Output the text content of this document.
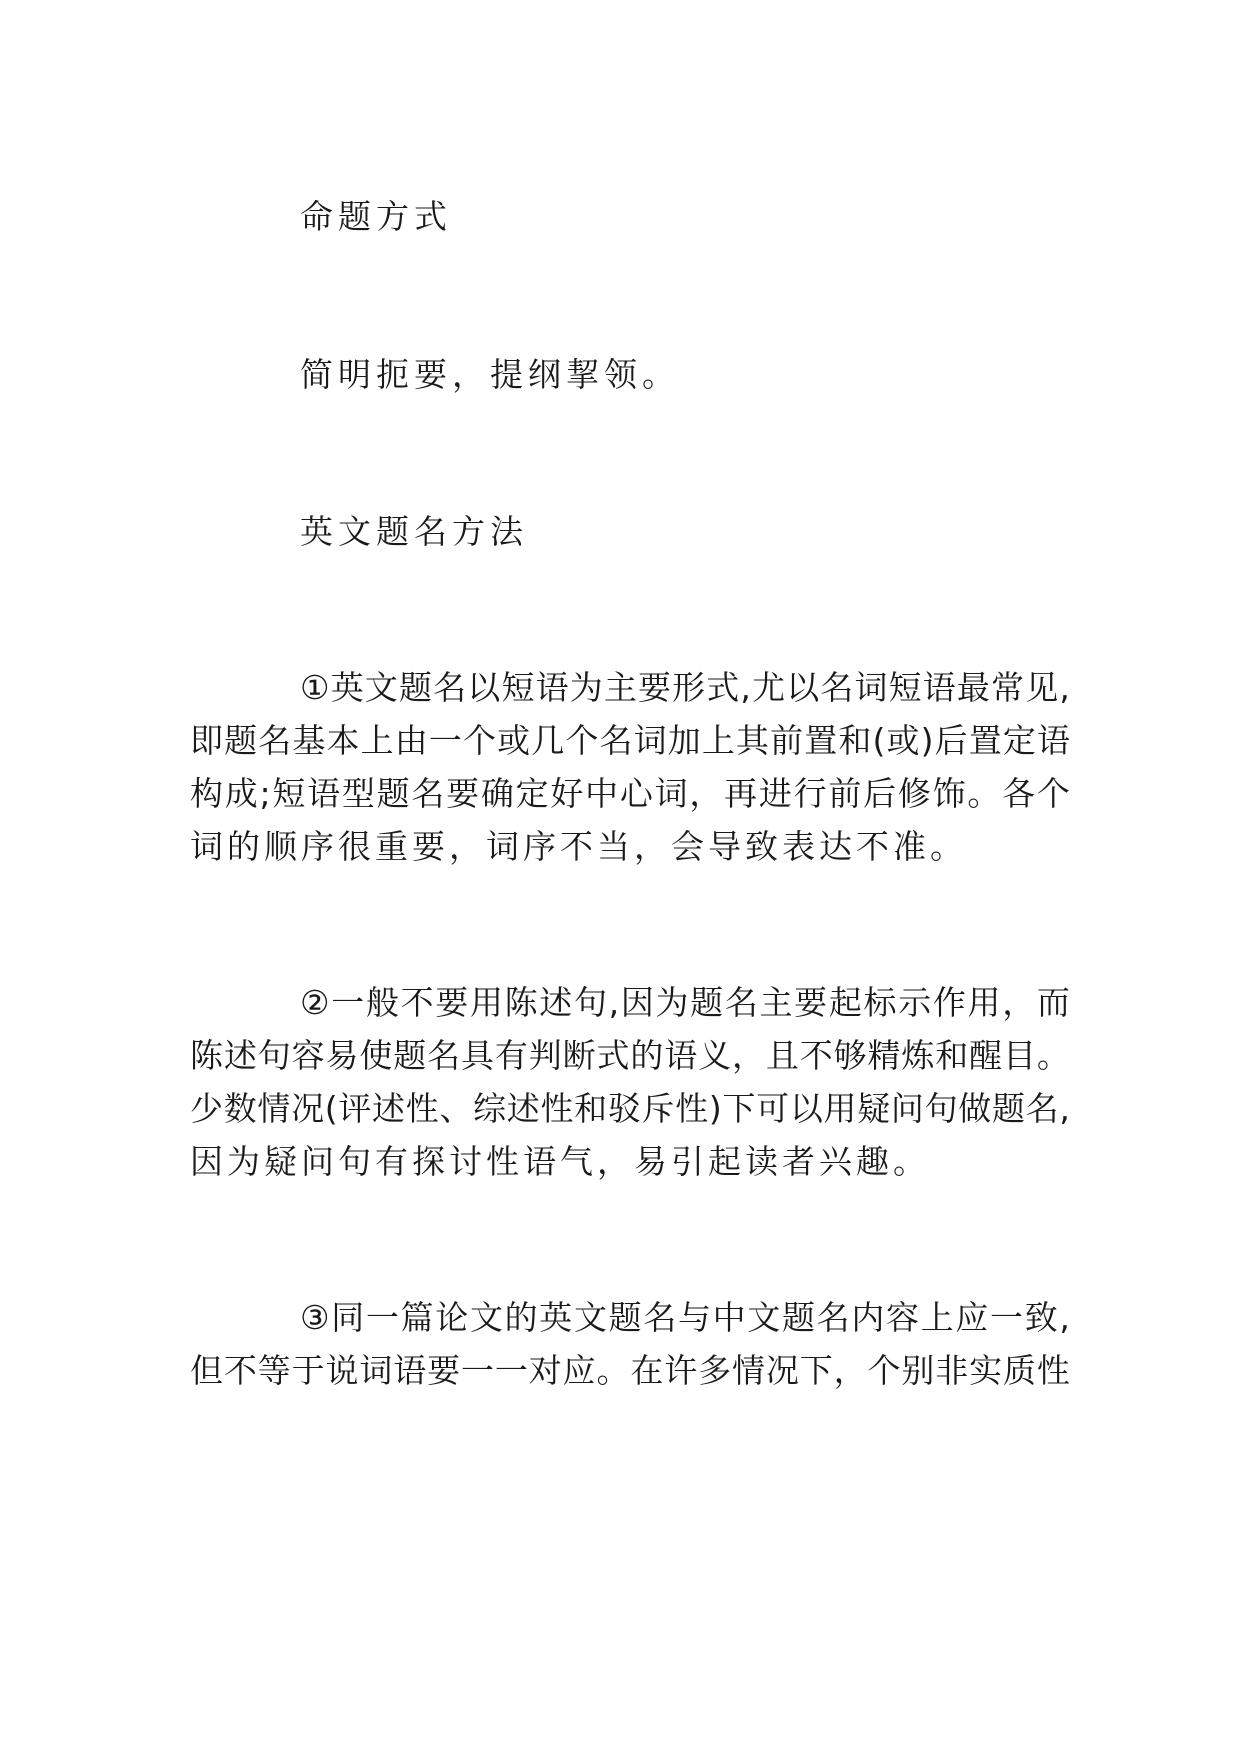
命题方式
简明扼要，提纲挈领。
英文题名方法
① 英 文 题 名 以 短 语 为 主 要 形 式 , 尤 以 名 词 短 语 最 常 见 ,
即 题 名 基 本 上 由 一 个 或 几 个 名 词 加 上 其 前 置 和 ( 或 ) 后 置 定 语
构 成 ; 短 语 型 题 名 要 确 定 好 中 心 词 ， 再 进 行 前 后 修 饰 。 各 个
词的顺序很重要，词序不当，会导致表达不准。
② 一 般 不 要 用 陈 述 句 , 因 为 题 名 主 要 起 标 示 作 用 ， 而
陈 述 句 容 易 使 题 名 具 有 判 断 式 的 语 义 ， 且 不 够 精 炼 和 醒 目 。
少 数 情 况 ( 评 述 性 、 综 述 性 和 驳 斥 性 ) 下 可 以 用 疑 问 句 做 题 名 ,
因为疑问句有探讨性语气，易引起读者兴趣。
③ 同 一 篇 论 文 的 英 文 题 名 与 中 文 题 名 内 容 上 应 一 致 ,
但 不 等 于 说 词 语 要 一 一 对 应 。 在 许 多 情 况 下 ， 个 别 非 实 质 性
